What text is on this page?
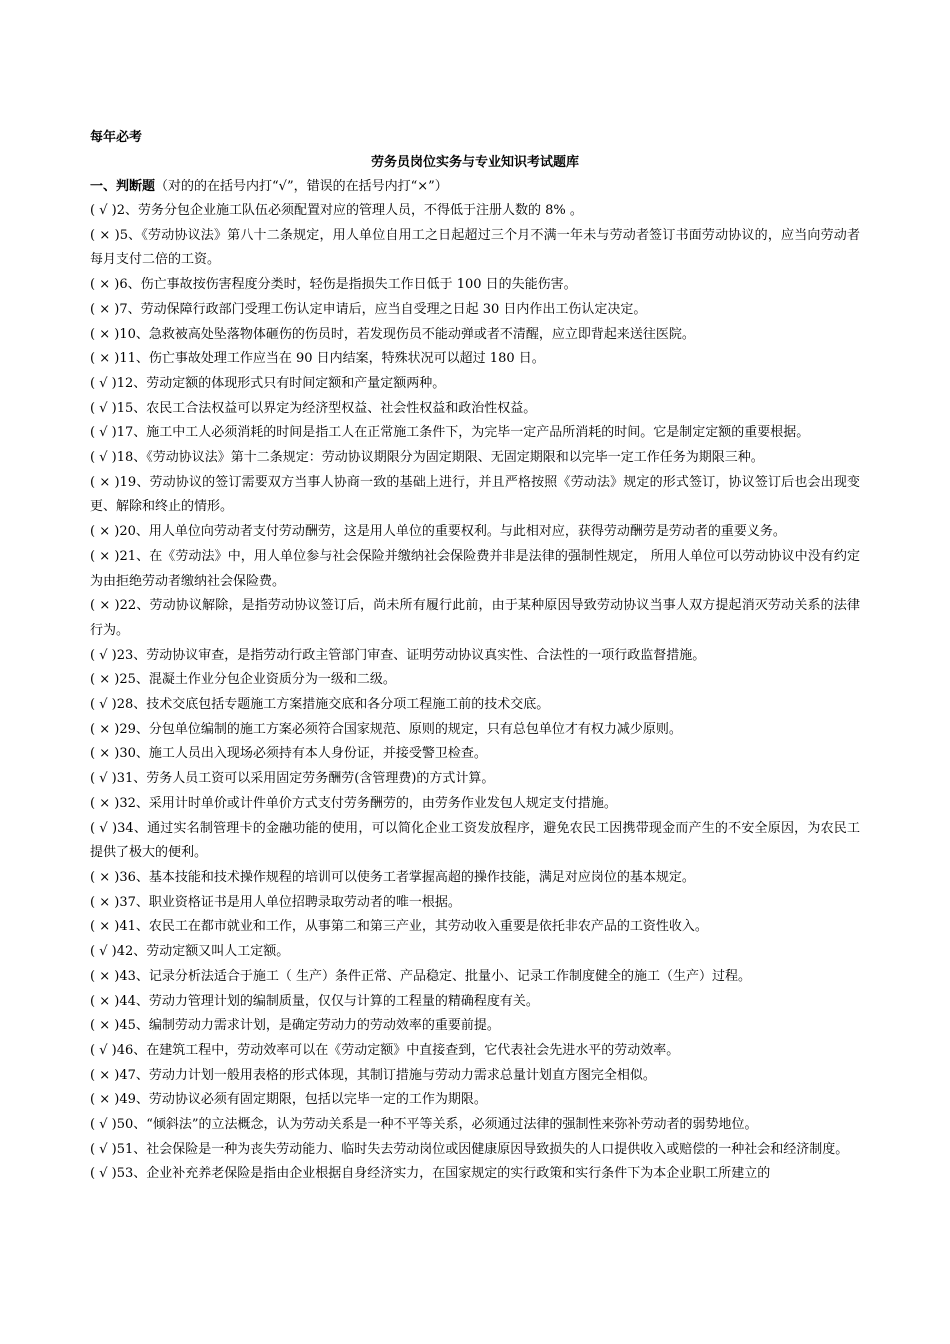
每年必考
劳务员岗位实务与专业知识考试题库
一、判断题（对的的在括号内打“√”，错误的在括号内打“×”）

( √ )2、劳务分包企业施工队伍必须配置对应的管理人员，不得低于注册人数的 8% 。

( × )5、《劳动协议法》第八十二条规定，用人单位自用工之日起超过三个月不满一年未与劳动者签订书面劳动协议的，应当向劳动者每月支付二倍的工资。

( × )6、伤亡事故按伤害程度分类时，轻伤是指损失工作日低于 100 日的失能伤害。

( × )7、劳动保障行政部门受理工伤认定申请后，应当自受理之日起 30 日内作出工伤认定决定。

( × )10、急救被高处坠落物体砸伤的伤员时，若发现伤员不能动弹或者不清醒，应立即背起来送往医院。

( × )11、伤亡事故处理工作应当在 90 日内结案，特殊状况可以超过 180 日。

( √ )12、劳动定额的体现形式只有时间定额和产量定额两种。

( √ )15、农民工合法权益可以界定为经济型权益、社会性权益和政治性权益。

( √ )17、施工中工人必须消耗的时间是指工人在正常施工条件下，为完毕一定产品所消耗的时间。它是制定定额的重要根据。

( √ )18、《劳动协议法》第十二条规定：劳动协议期限分为固定期限、无固定期限和以完毕一定工作任务为期限三种。

( × )19、劳动协议的签订需要双方当事人协商一致的基础上进行，并且严格按照《劳动法》规定的形式签订，协议签订后也会出现变更、解除和终止的情形。

( × )20、用人单位向劳动者支付劳动酬劳，这是用人单位的重要权利。与此相对应，获得劳动酬劳是劳动者的重要义务。

( × )21、在《劳动法》中，用人单位参与社会保险并缴纳社会保险费并非是法律的强制性规定， 所用人单位可以劳动协议中没有约定为由拒绝劳动者缴纳社会保险费。

( × )22、劳动协议解除，是指劳动协议签订后，尚未所有履行此前，由于某种原因导致劳动协议当事人双方提起消灭劳动关系的法律行为。

( √ )23、劳动协议审查，是指劳动行政主管部门审查、证明劳动协议真实性、合法性的一项行政监督措施。

( × )25、混凝土作业分包企业资质分为一级和二级。

( √ )28、技术交底包括专题施工方案措施交底和各分项工程施工前的技术交底。

( × )29、分包单位编制的施工方案必须符合国家规范、原则的规定，只有总包单位才有权力减少原则。

( × )30、施工人员出入现场必须持有本人身份证，并接受警卫检查。

( √ )31、劳务人员工资可以采用固定劳务酬劳(含管理费)的方式计算。

( × )32、采用计时单价或计件单价方式支付劳务酬劳的，由劳务作业发包人规定支付措施。

( √ )34、通过实名制管理卡的金融功能的使用，可以简化企业工资发放程序，避免农民工因携带现金而产生的不安全原因，为农民工提供了极大的便利。

( × )36、基本技能和技术操作规程的培训可以使务工者掌握高超的操作技能，满足对应岗位的基本规定。

( × )37、职业资格证书是用人单位招聘录取劳动者的唯一根据。

( × )41、农民工在都市就业和工作，从事第二和第三产业，其劳动收入重要是依托非农产品的工资性收入。

( √ )42、劳动定额又叫人工定额。

( × )43、记录分析法适合于施工（ 生产）条件正常、产品稳定、批量小、记录工作制度健全的施工（生产）过程。

( × )44、劳动力管理计划的编制质量，仅仅与计算的工程量的精确程度有关。

( × )45、编制劳动力需求计划，是确定劳动力的劳动效率的重要前提。

( √ )46、在建筑工程中，劳动效率可以在《劳动定额》中直接查到，它代表社会先进水平的劳动效率。

( × )47、劳动力计划一般用表格的形式体现，其制订措施与劳动力需求总量计划直方图完全相似。

( × )49、劳动协议必须有固定期限，包括以完毕一定的工作为期限。

( √ )50、“倾斜法”的立法概念，认为劳动关系是一种不平等关系，必须通过法律的强制性来弥补劳动者的弱势地位。

( √ )51、社会保险是一种为丧失劳动能力、临时失去劳动岗位或因健康原因导致损失的人口提供收入或赔偿的一种社会和经济制度。

( √ )53、企业补充养老保险是指由企业根据自身经济实力，在国家规定的实行政策和实行条件下为本企业职工所建立的
